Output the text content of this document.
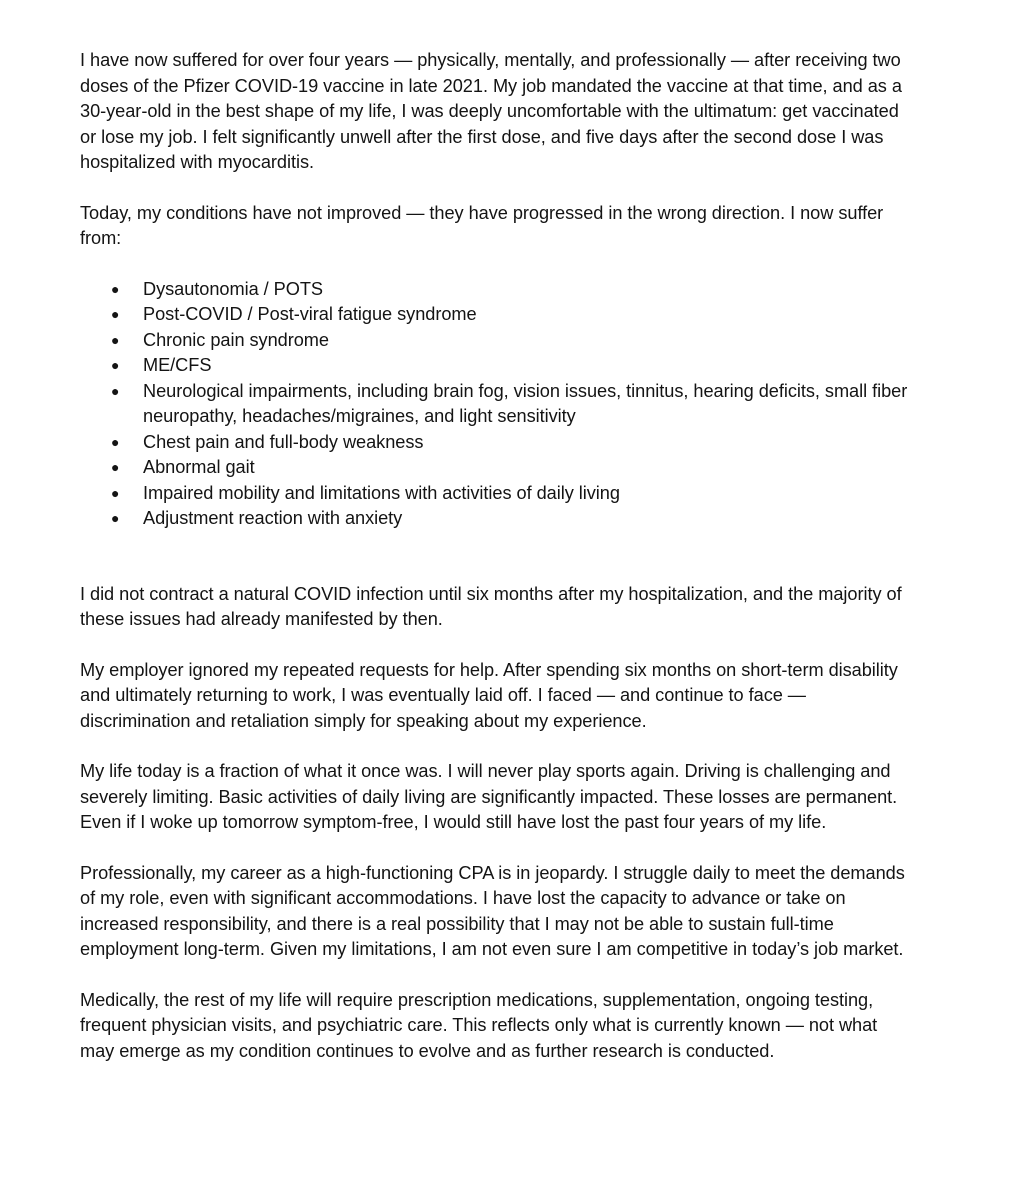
I have now suffered for over four years — physically, mentally, and professionally — after receiving two doses of the Pfizer COVID-19 vaccine in late 2021. My job mandated the vaccine at that time, and as a 30-year-old in the best shape of my life, I was deeply uncomfortable with the ultimatum: get vaccinated or lose my job. I felt significantly unwell after the first dose, and five days after the second dose I was hospitalized with myocarditis.

Today, my conditions have not improved — they have progressed in the wrong direction. I now suffer from:

● Dysautonomia / POTS
● Post-COVID / Post-viral fatigue syndrome
● Chronic pain syndrome
● ME/CFS
● Neurological impairments, including brain fog, vision issues, tinnitus, hearing deficits, small fiber neuropathy, headaches/migraines, and light sensitivity
● Chest pain and full-body weakness
● Abnormal gait
● Impaired mobility and limitations with activities of daily living
● Adjustment reaction with anxiety

I did not contract a natural COVID infection until six months after my hospitalization, and the majority of these issues had already manifested by then.

My employer ignored my repeated requests for help. After spending six months on short-term disability and ultimately returning to work, I was eventually laid off. I faced — and continue to face — discrimination and retaliation simply for speaking about my experience.

My life today is a fraction of what it once was. I will never play sports again. Driving is challenging and severely limiting. Basic activities of daily living are significantly impacted. These losses are permanent. Even if I woke up tomorrow symptom-free, I would still have lost the past four years of my life.

Professionally, my career as a high-functioning CPA is in jeopardy. I struggle daily to meet the demands of my role, even with significant accommodations. I have lost the capacity to advance or take on increased responsibility, and there is a real possibility that I may not be able to sustain full-time employment long-term. Given my limitations, I am not even sure I am competitive in today’s job market.

Medically, the rest of my life will require prescription medications, supplementation, ongoing testing, frequent physician visits, and psychiatric care. This reflects only what is currently known — not what may emerge as my condition continues to evolve and as further research is conducted.
